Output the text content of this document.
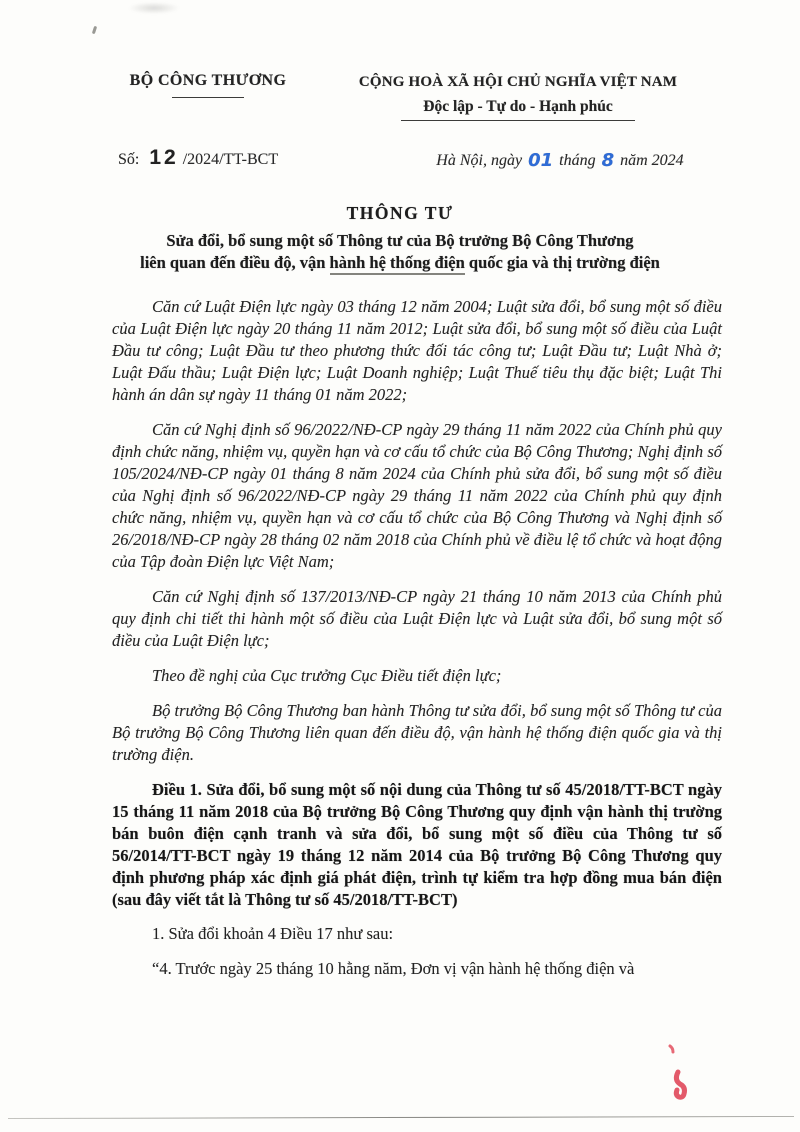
BỘ CÔNG THƯƠNG	CỘNG HOÀ XÃ HỘI CHỦ NGHĨA VIỆT NAM
Độc lập - Tự do - Hạnh phúc
Số: 12 /2024/TT-BCT	Hà Nội, ngày 01 tháng 8 năm 2024
THÔNG TƯ
Sửa đổi, bổ sung một số Thông tư của Bộ trưởng Bộ Công Thương
liên quan đến điều độ, vận hành hệ thống điện quốc gia và thị trường điện

Căn cứ Luật Điện lực ngày 03 tháng 12 năm 2004; Luật sửa đổi, bổ sung một số điều của Luật Điện lực ngày 20 tháng 11 năm 2012; Luật sửa đổi, bổ sung một số điều của Luật Đầu tư công; Luật Đầu tư theo phương thức đối tác công tư; Luật Đầu tư; Luật Nhà ở; Luật Đấu thầu; Luật Điện lực; Luật Doanh nghiệp; Luật Thuế tiêu thụ đặc biệt; Luật Thi hành án dân sự ngày 11 tháng 01 năm 2022;

Căn cứ Nghị định số 96/2022/NĐ-CP ngày 29 tháng 11 năm 2022 của Chính phủ quy định chức năng, nhiệm vụ, quyền hạn và cơ cấu tổ chức của Bộ Công Thương; Nghị định số 105/2024/NĐ-CP ngày 01 tháng 8 năm 2024 của Chính phủ sửa đổi, bổ sung một số điều của Nghị định số 96/2022/NĐ-CP ngày 29 tháng 11 năm 2022 của Chính phủ quy định chức năng, nhiệm vụ, quyền hạn và cơ cấu tổ chức của Bộ Công Thương và Nghị định số 26/2018/NĐ-CP ngày 28 tháng 02 năm 2018 của Chính phủ về điều lệ tổ chức và hoạt động của Tập đoàn Điện lực Việt Nam;

Căn cứ Nghị định số 137/2013/NĐ-CP ngày 21 tháng 10 năm 2013 của Chính phủ quy định chi tiết thi hành một số điều của Luật Điện lực và Luật sửa đổi, bổ sung một số điều của Luật Điện lực;

Theo đề nghị của Cục trưởng Cục Điều tiết điện lực;

Bộ trưởng Bộ Công Thương ban hành Thông tư sửa đổi, bổ sung một số Thông tư của Bộ trưởng Bộ Công Thương liên quan đến điều độ, vận hành hệ thống điện quốc gia và thị trường điện.

Điều 1. Sửa đổi, bổ sung một số nội dung của Thông tư số 45/2018/TT-BCT ngày 15 tháng 11 năm 2018 của Bộ trưởng Bộ Công Thương quy định vận hành thị trường bán buôn điện cạnh tranh và sửa đổi, bổ sung một số điều của Thông tư số 56/2014/TT-BCT ngày 19 tháng 12 năm 2014 của Bộ trưởng Bộ Công Thương quy định phương pháp xác định giá phát điện, trình tự kiểm tra hợp đồng mua bán điện (sau đây viết tắt là Thông tư số 45/2018/TT-BCT)

1. Sửa đổi khoản 4 Điều 17 như sau:

“4. Trước ngày 25 tháng 10 hằng năm, Đơn vị vận hành hệ thống điện và
